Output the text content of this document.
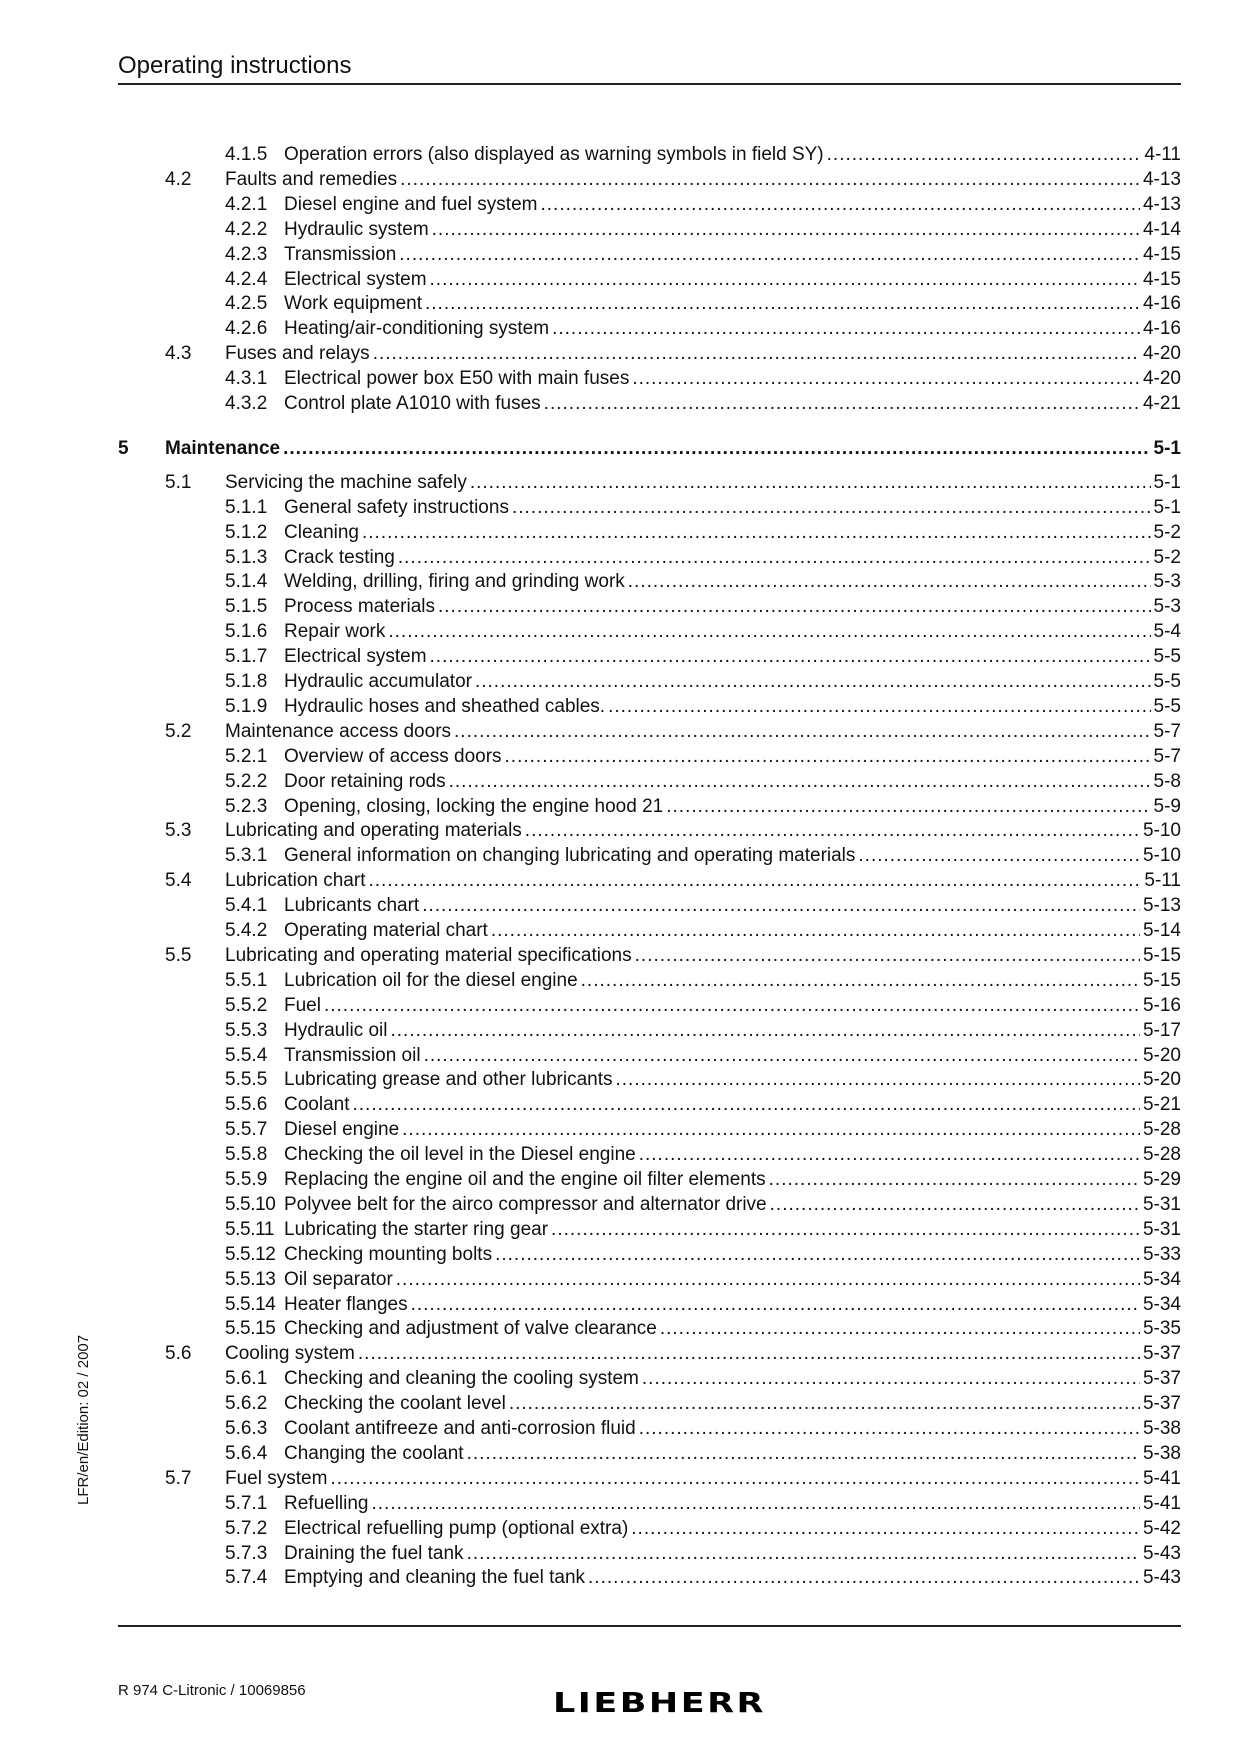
Operating instructions
4.1.5 Operation errors (also displayed as warning symbols in field SY) .....	4-11
4.2 Faults and remedies .....	4-13
4.2.1 Diesel engine and fuel system .....	4-13
4.2.2 Hydraulic system .....	4-14
4.2.3 Transmission .....	4-15
4.2.4 Electrical system .....	4-15
4.2.5 Work equipment .....	4-16
4.2.6 Heating/air-conditioning system .....	4-16
4.3 Fuses and relays .....	4-20
4.3.1 Electrical power box E50 with main fuses .....	4-20
4.3.2 Control plate A1010 with fuses .....	4-21
5 Maintenance .....	5-1
5.1 Servicing the machine safely .....	5-1
5.1.1 General safety instructions .....	5-1
5.1.2 Cleaning .....	5-2
5.1.3 Crack testing .....	5-2
5.1.4 Welding, drilling, firing and grinding work .....	5-3
5.1.5 Process materials .....	5-3
5.1.6 Repair work .....	5-4
5.1.7 Electrical system .....	5-5
5.1.8 Hydraulic accumulator .....	5-5
5.1.9 Hydraulic hoses and sheathed cables. .....	5-5
5.2 Maintenance access doors .....	5-7
5.2.1 Overview of access doors .....	5-7
5.2.2 Door retaining rods .....	5-8
5.2.3 Opening, closing, locking the engine hood 21 .....	5-9
5.3 Lubricating and operating materials .....	5-10
5.3.1 General information on changing lubricating and operating materials .....	5-10
5.4 Lubrication chart .....	5-11
5.4.1 Lubricants chart .....	5-13
5.4.2 Operating material chart .....	5-14
5.5 Lubricating and operating material specifications .....	5-15
5.5.1 Lubrication oil for the diesel engine .....	5-15
5.5.2 Fuel .....	5-16
5.5.3 Hydraulic oil .....	5-17
5.5.4 Transmission oil .....	5-20
5.5.5 Lubricating grease and other lubricants .....	5-20
5.5.6 Coolant .....	5-21
5.5.7 Diesel engine .....	5-28
5.5.8 Checking the oil level in the Diesel engine .....	5-28
5.5.9 Replacing the engine oil and the engine oil filter elements .....	5-29
5.5.10 Polyvee belt for the airco compressor and alternator drive .....	5-31
5.5.11 Lubricating the starter ring gear .....	5-31
5.5.12 Checking mounting bolts .....	5-33
5.5.13 Oil separator .....	5-34
5.5.14 Heater flanges .....	5-34
5.5.15 Checking and adjustment of valve clearance .....	5-35
5.6 Cooling system .....	5-37
5.6.1 Checking and cleaning the cooling system .....	5-37
5.6.2 Checking the coolant level .....	5-37
5.6.3 Coolant antifreeze and anti-corrosion fluid .....	5-38
5.6.4 Changing the coolant .....	5-38
5.7 Fuel system .....	5-41
5.7.1 Refuelling .....	5-41
5.7.2 Electrical refuelling pump (optional extra) .....	5-42
5.7.3 Draining the fuel tank .....	5-43
5.7.4 Emptying and cleaning the fuel tank .....	5-43
LFR/en/Edition: 02 / 2007
R 974 C-Litronic / 10069856	LIEBHERR
